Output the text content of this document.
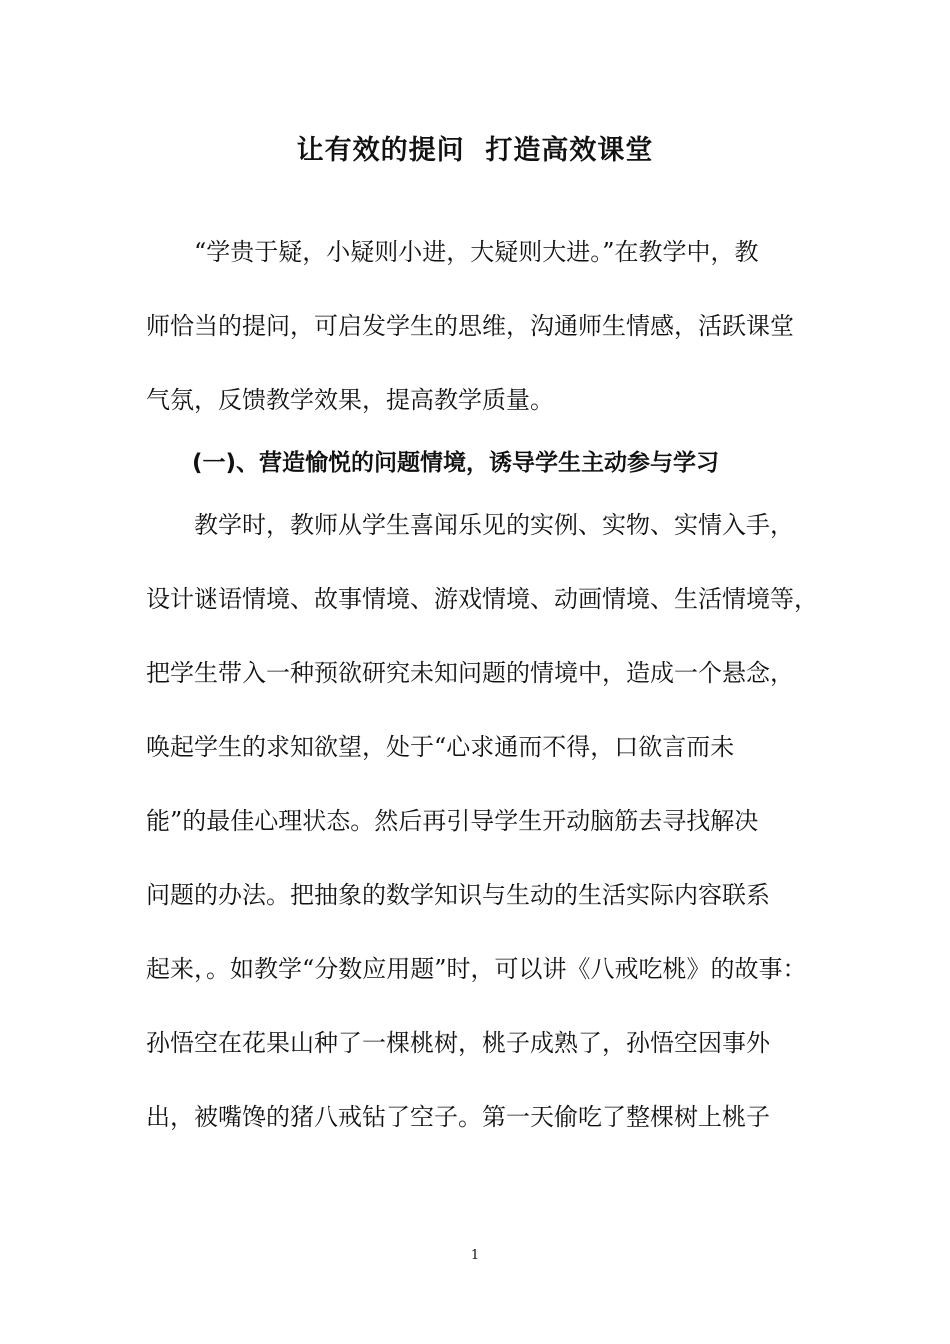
让有效的提问  打造高效课堂
　　“学贵于疑，小疑则小进，大疑则大进。”在教学中，教
师恰当的提问，可启发学生的思维，沟通师生情感，活跃课堂
气氛，反馈教学效果，提高教学质量。
　　(一)、营造愉悦的问题情境，诱导学生主动参与学习
　　教学时，教师从学生喜闻乐见的实例、实物、实情入手，
设计谜语情境、故事情境、游戏情境、动画情境、生活情境等，
把学生带入一种预欲研究未知问题的情境中，造成一个悬念，
唤起学生的求知欲望，处于“心求通而不得，口欲言而未
能”的最佳心理状态。然后再引导学生开动脑筋去寻找解决
问题的办法。把抽象的数学知识与生动的生活实际内容联系
起来，。如教学“分数应用题”时，可以讲《八戒吃桃》的故事：
孙悟空在花果山种了一棵桃树，桃子成熟了，孙悟空因事外
出，被嘴馋的猪八戒钻了空子。第一天偷吃了整棵树上桃子
1
